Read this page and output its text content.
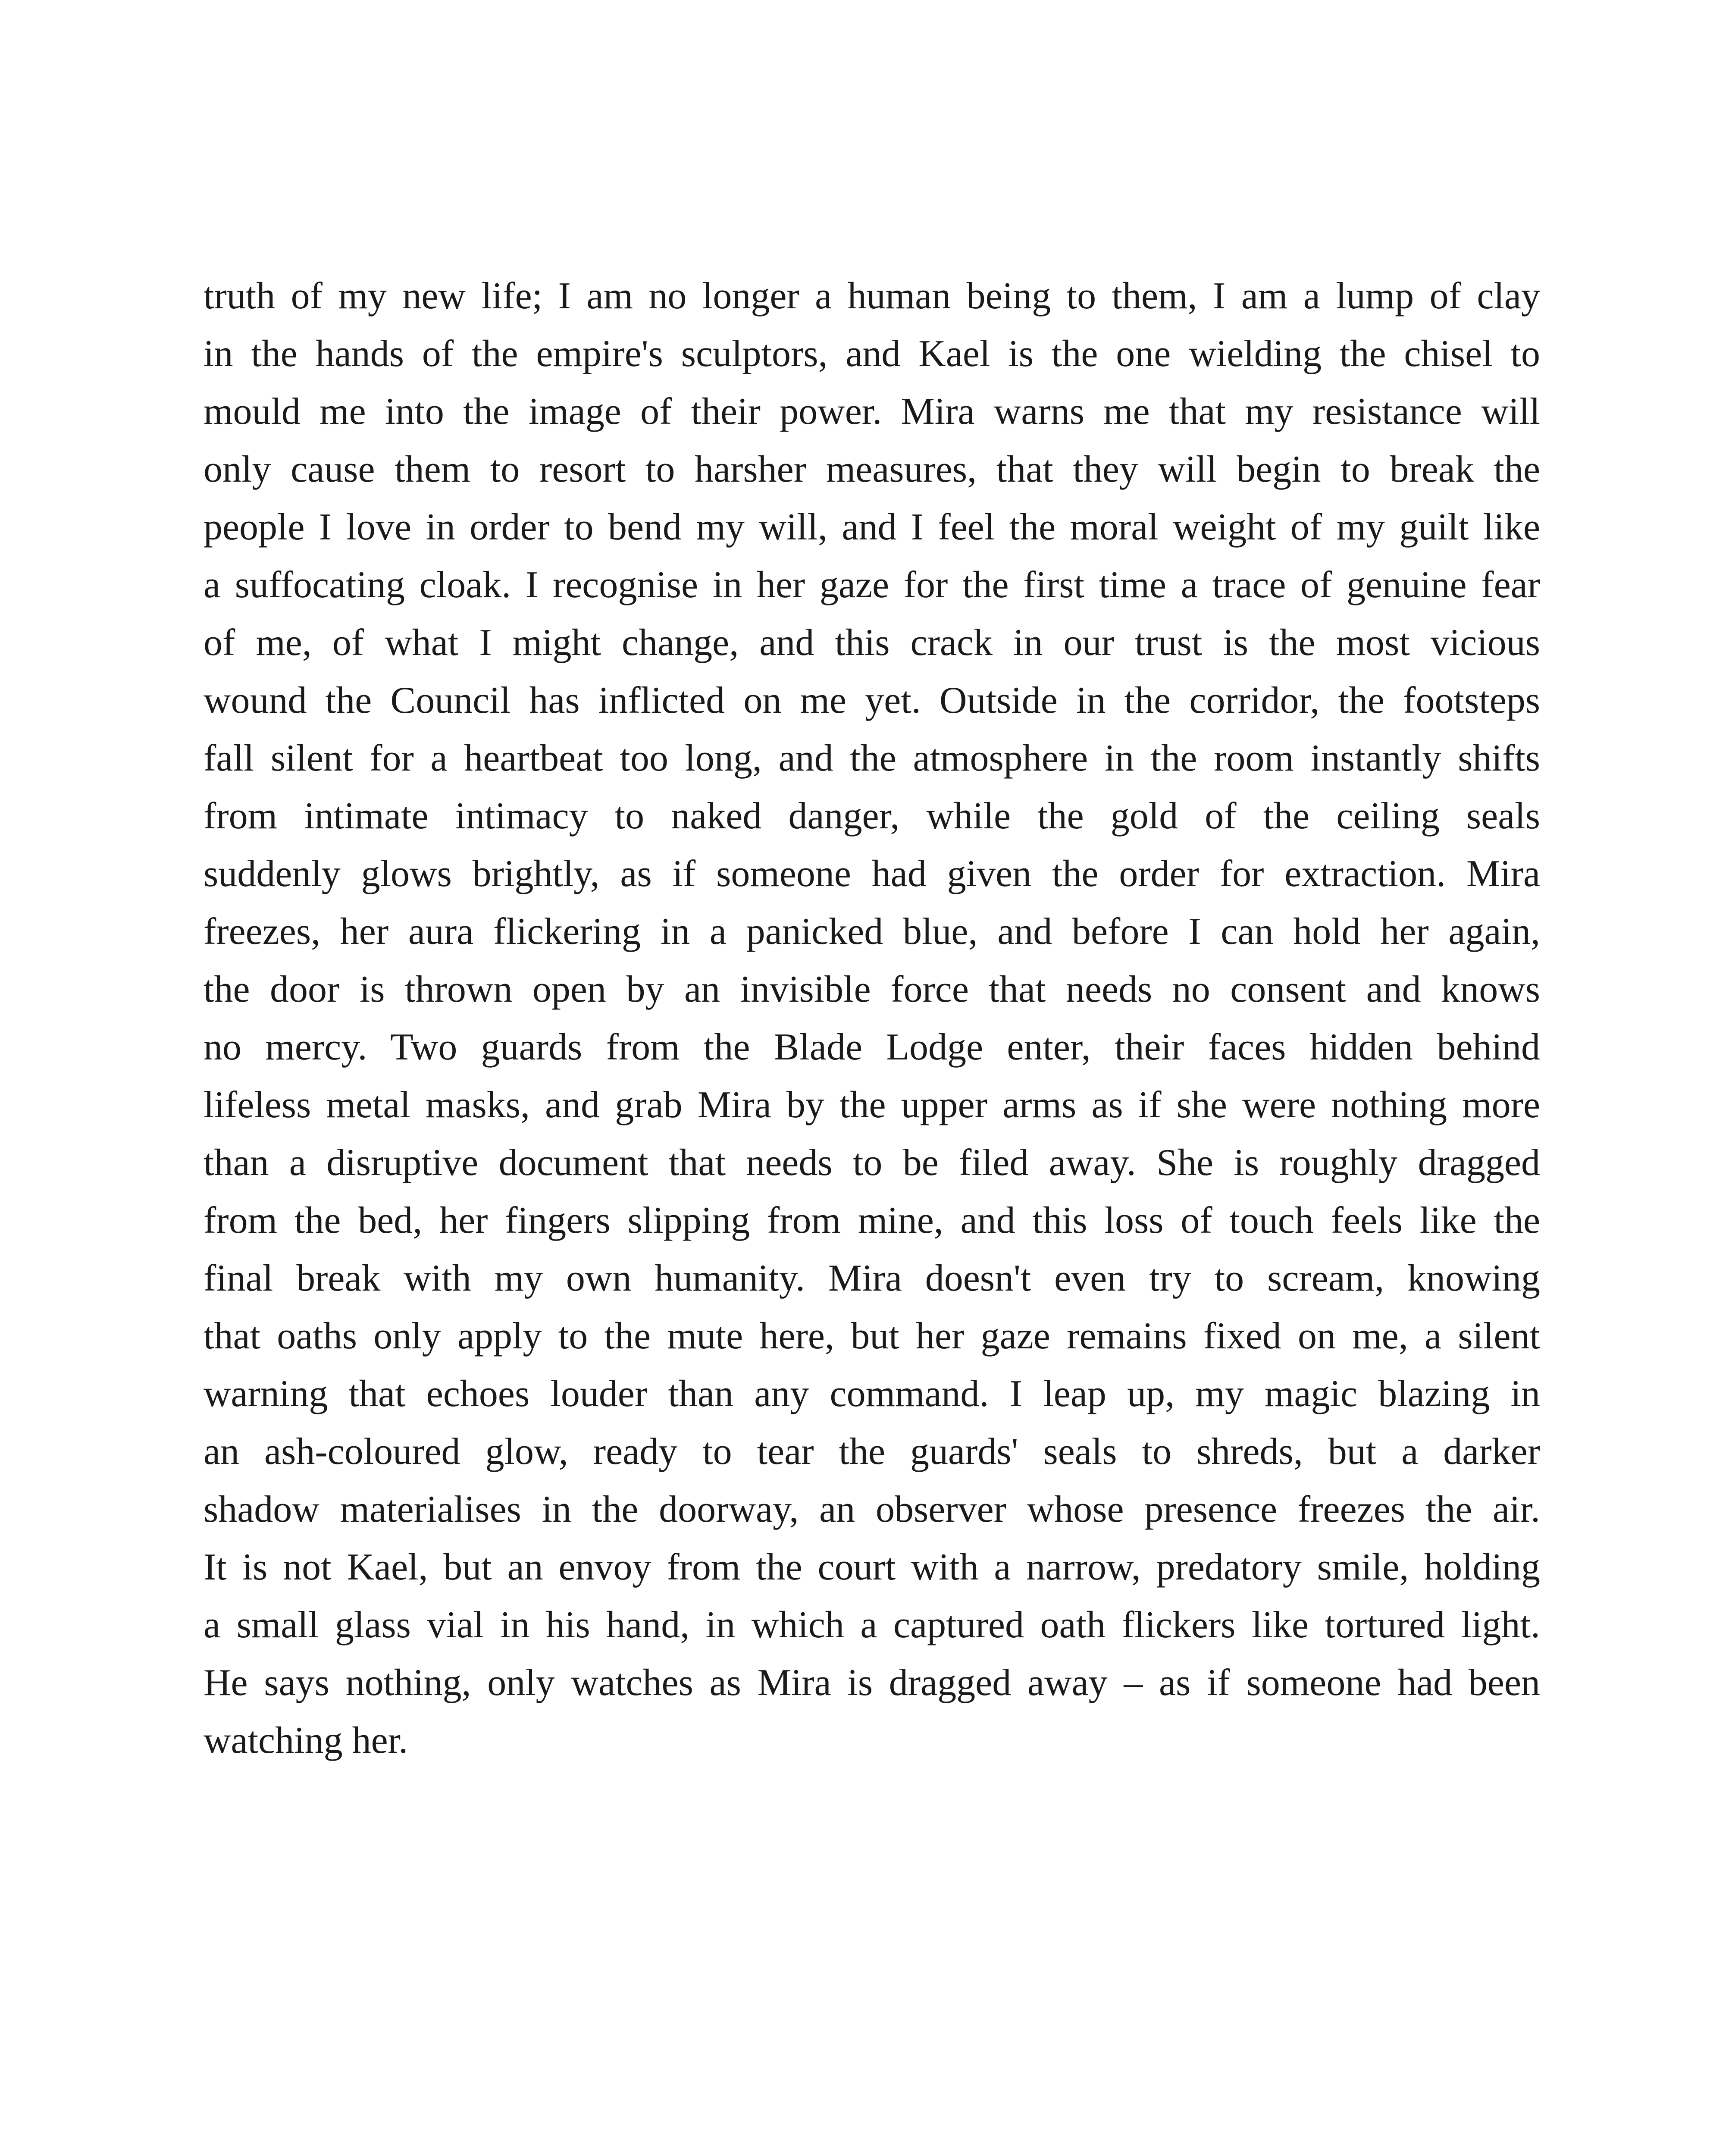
truth of my new life; I am no longer a human being to them, I am a lump of clay
in the hands of the empire's sculptors, and Kael is the one wielding the chisel to
mould me into the image of their power. Mira warns me that my resistance will
only cause them to resort to harsher measures, that they will begin to break the
people I love in order to bend my will, and I feel the moral weight of my guilt like
a suffocating cloak. I recognise in her gaze for the first time a trace of genuine fear
of me, of what I might change, and this crack in our trust is the most vicious
wound the Council has inflicted on me yet. Outside in the corridor, the footsteps
fall silent for a heartbeat too long, and the atmosphere in the room instantly shifts
from intimate intimacy to naked danger, while the gold of the ceiling seals
suddenly glows brightly, as if someone had given the order for extraction. Mira
freezes, her aura flickering in a panicked blue, and before I can hold her again,
the door is thrown open by an invisible force that needs no consent and knows
no mercy. Two guards from the Blade Lodge enter, their faces hidden behind
lifeless metal masks, and grab Mira by the upper arms as if she were nothing more
than a disruptive document that needs to be filed away. She is roughly dragged
from the bed, her fingers slipping from mine, and this loss of touch feels like the
final break with my own humanity. Mira doesn't even try to scream, knowing
that oaths only apply to the mute here, but her gaze remains fixed on me, a silent
warning that echoes louder than any command. I leap up, my magic blazing in
an ash-coloured glow, ready to tear the guards' seals to shreds, but a darker
shadow materialises in the doorway, an observer whose presence freezes the air.
It is not Kael, but an envoy from the court with a narrow, predatory smile, holding
a small glass vial in his hand, in which a captured oath flickers like tortured light.
He says nothing, only watches as Mira is dragged away – as if someone had been
watching her.
